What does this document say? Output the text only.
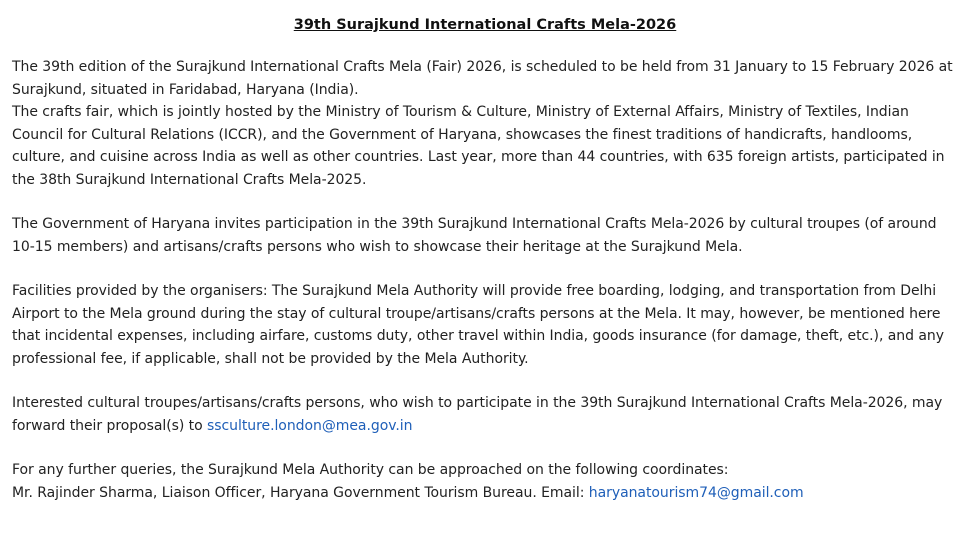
39th Surajkund International Crafts Mela-2026

The 39th edition of the Surajkund International Crafts Mela (Fair) 2026, is scheduled to be held from 31 January to 15 February 2026 at Surajkund, situated in Faridabad, Haryana (India).

The crafts fair, which is jointly hosted by the Ministry of Tourism & Culture, Ministry of External Affairs, Ministry of Textiles, Indian Council for Cultural Relations (ICCR), and the Government of Haryana, showcases the finest traditions of handicrafts, handlooms, culture, and cuisine across India as well as other countries. Last year, more than 44 countries, with 635 foreign artists, participated in the 38th Surajkund International Crafts Mela-2025.

The Government of Haryana invites participation in the 39th Surajkund International Crafts Mela-2026 by cultural troupes (of around 10-15 members) and artisans/crafts persons who wish to showcase their heritage at the Surajkund Mela.

Facilities provided by the organisers: The Surajkund Mela Authority will provide free boarding, lodging, and transportation from Delhi Airport to the Mela ground during the stay of cultural troupe/artisans/crafts persons at the Mela. It may, however, be mentioned here that incidental expenses, including airfare, customs duty, other travel within India, goods insurance (for damage, theft, etc.), and any professional fee, if applicable, shall not be provided by the Mela Authority.

Interested cultural troupes/artisans/crafts persons, who wish to participate in the 39th Surajkund International Crafts Mela-2026, may forward their proposal(s) to ssculture.london@mea.gov.in

For any further queries, the Surajkund Mela Authority can be approached on the following coordinates:

Mr. Rajinder Sharma, Liaison Officer, Haryana Government Tourism Bureau. Email: haryanatourism74@gmail.com
